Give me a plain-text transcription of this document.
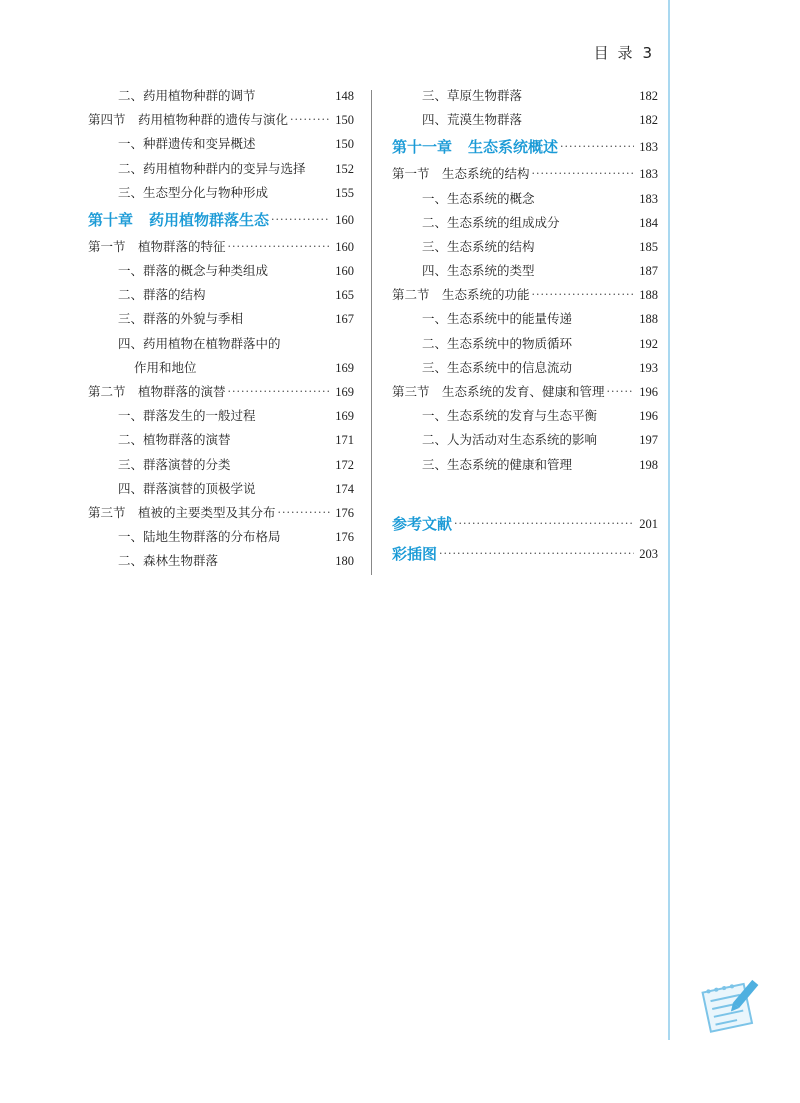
目 录 3
二、药用植物种群的调节	148
第四节　药用植物种群的遗传与演化 ·····	150
一、种群遗传和变异概述	150
二、药用植物种群内的变异与选择 152
三、生态型分化与物种形成	155
第十章 药用植物群落生态 ·····	160
第一节　植物群落的特征 ·····	160
一、群落的概念与种类组成	160
二、群落的结构	165
三、群落的外貌与季相	167
四、药用植物在植物群落中的
作用和地位	169
第二节　植物群落的演替 ·····	169
一、群落发生的一般过程	169
二、植物群落的演替	171
三、群落演替的分类	172
四、群落演替的顶极学说	174
第三节　植被的主要类型及其分布 ·····	176
一、陆地生物群落的分布格局	176
二、森林生物群落	180
三、草原生物群落	182
四、荒漠生物群落	182
第十一章 生态系统概述 ·····	183
第一节　生态系统的结构 ·····	183
一、生态系统的概念	183
二、生态系统的组成成分	184
三、生态系统的结构	185
四、生态系统的类型	187
第二节　生态系统的功能 ·····	188
一、生态系统中的能量传递	188
二、生态系统中的物质循环	192
三、生态系统中的信息流动	193
第三节　生态系统的发育、健康和管理 ·····	196
一、生态系统的发育与生态平衡	196
二、人为活动对生态系统的影响	197
三、生态系统的健康和管理	198
参考文献 ·····	201
彩插图 ·····	203
